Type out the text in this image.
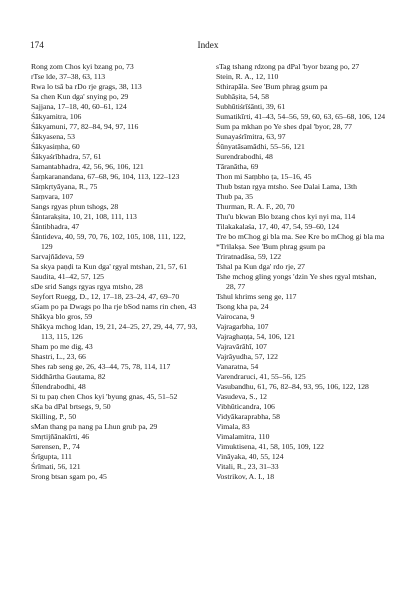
174	Index
Rong zom Chos kyi bzang po, 73
rTse lde, 37–38, 63, 113
Rwa lo tsā ba rDo rje grags, 38, 113
Sa chen Kun dga' snying po, 29
Sajjana, 17–18, 40, 60–61, 124
Śākyamitra, 106
Śākyamuni, 77, 82–84, 94, 97, 116
Śākyasena, 53
Śākyasiṃha, 60
Śākyaśrībhadra, 57, 61
Samantabhadra, 42, 56, 96, 106, 121
Śaṃkaranandana, 67–68, 96, 104, 113, 122–123
Sāṃkṛtyāyana, R., 75
Saṃvara, 107
Sangs rgyas phun tshogs, 28
Śāntarakṣita, 10, 21, 108, 111, 113
Śāntibhadra, 47
Śāntideva, 40, 59, 70, 76, 102, 105, 108, 111, 122, 129
Sarvajñādeva, 59
Sa skya paṇḍi ta Kun dga' rgyal mtshan, 21, 57, 61
Saudita, 41–42, 57, 125
sDe srid Sangs rgyas rgya mtsho, 28
Seyfort Ruegg, D., 12, 17–18, 23–24, 47, 69–70
sGam po pa Dwags po lha rje bSod nams rin chen, 43
Shākya blo gros, 59
Shākya mchog ldan, 19, 21, 24–25, 27, 29, 44, 77, 93, 113, 115, 126
Sham po me dig, 43
Shastri, L., 23, 66
Shes rab seng ge, 26, 43–44, 75, 78, 114, 117
Siddhārtha Gautama, 82
Śīlendrabodhi, 48
Si tu paṇ chen Chos kyi 'byung gnas, 45, 51–52
sKa ba dPal brtsegs, 9, 50
Skilling, P., 50
sMan thang pa nang pa Lhun grub pa, 29
Smṛtijñānakīrti, 46
Sørensen, P., 74
Śrīgupta, 111
Śrīmati, 56, 121
Srong btsan sgam po, 45
sTag tshang rdzong pa dPal 'byor bzang po, 27
Stein, R. A., 12, 110
Sthirapāla. See 'Bum phrag gsum pa
Subhāṣita, 54, 58
Subhūtiśrīśānti, 39, 61
Sumatikīrti, 41–43, 54–56, 59, 60, 63, 65–68, 106, 124
Sum pa mkhan po Ye shes dpal 'byor, 28, 77
Sunayaśrīmitra, 63, 97
Śūnyatāsamādhi, 55–56, 121
Surendrabodhi, 48
Tāranātha, 69
Thon mi Saṃbho ṭa, 15–16, 45
Thub bstan rgya mtsho. See Dalai Lama, 13th
Thub pa, 35
Thurman, R. A. F., 20, 70
Thu'u bkwan Blo bzang chos kyi nyi ma, 114
Tilakakalaśa, 17, 40, 47, 54, 59–60, 124
Tre bo mChog gi bla ma. See Kre bo mChog gi bla ma
*Trilakṣa. See 'Bum phrag gsum pa
Triratnadāsa, 59, 122
Tshal pa Kun dga' rdo rje, 27
Tshe mchog gling yongs 'dzin Ye shes rgyal mtshan, 28, 77
Tshul khrims seng ge, 117
Tsong kha pa, 24
Vairocana, 9
Vajragarbha, 107
Vajraghaṇṭa, 54, 106, 121
Vajravārāhī, 107
Vajrāyudha, 57, 122
Vanaratna, 54
Varendraruci, 41, 55–56, 125
Vasubandhu, 61, 76, 82–84, 93, 95, 106, 122, 128
Vasudeva, S., 12
Vibhūticandra, 106
Vidyākaraprabha, 58
Vimala, 83
Vimalamitra, 110
Vimuktisena, 41, 58, 105, 109, 122
Vināyaka, 40, 55, 124
Vitali, R., 23, 31–33
Vostrikov, A. I., 18
